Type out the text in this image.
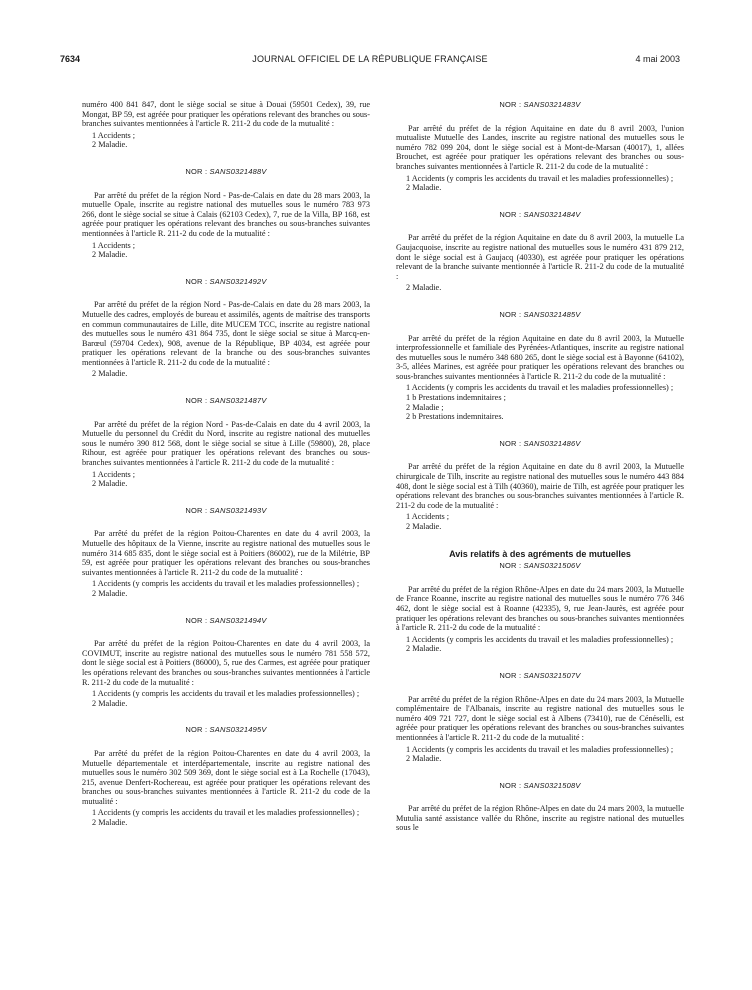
7634	JOURNAL OFFICIEL DE LA RÉPUBLIQUE FRANÇAISE	4 mai 2003

numéro 400 841 847, dont le siège social se situe à Douai (59501 Cedex), 39, rue Mongat, BP 59, est agréée pour pratiquer les opérations relevant des branches ou sous-branches suivantes mentionnées à l'article R. 211-2 du code de la mutualité :

1 Accidents ;
2 Maladie.
NOR : SANS0321488V

Par arrêté du préfet de la région Nord - Pas-de-Calais en date du 28 mars 2003, la mutuelle Opale, inscrite au registre national des mutuelles sous le numéro 783 973 266, dont le siège social se situe à Calais (62103 Cedex), 7, rue de la Villa, BP 168, est agréée pour pratiquer les opérations relevant des branches ou sous-branches suivantes mentionnées à l'article R. 211-2 du code de la mutualité :

1 Accidents ;
2 Maladie.
NOR : SANS0321492V

Par arrêté du préfet de la région Nord - Pas-de-Calais en date du 28 mars 2003, la Mutuelle des cadres, employés de bureau et assimilés, agents de maîtrise des transports en commun communautaires de Lille, dite MUCEM TCC, inscrite au registre national des mutuelles sous le numéro 431 864 735, dont le siège social se situe à Marcq-en-Barœul (59704 Cedex), 908, avenue de la République, BP 4034, est agréée pour pratiquer les opérations relevant de la branche ou des sous-branches suivantes mentionnées à l'article R. 211-2 du code de la mutualité :

2 Maladie.
NOR : SANS0321487V

Par arrêté du préfet de la région Nord - Pas-de-Calais en date du 4 avril 2003, la Mutuelle du personnel du Crédit du Nord, inscrite au registre national des mutuelles sous le numéro 390 812 568, dont le siège social se situe à Lille (59800), 28, place Rihour, est agréée pour pratiquer les opérations relevant des branches ou sous-branches suivantes mentionnées à l'article R. 211-2 du code de la mutualité :

1 Accidents ;
2 Maladie.
NOR : SANS0321493V

Par arrêté du préfet de la région Poitou-Charentes en date du 4 avril 2003, la Mutuelle des hôpitaux de la Vienne, inscrite au registre national des mutuelles sous le numéro 314 685 835, dont le siège social est à Poitiers (86002), rue de la Milétrie, BP 59, est agréée pour pratiquer les opérations relevant des branches ou sous-branches suivantes mentionnées à l'article R. 211-2 du code de la mutualité :

1 Accidents (y compris les accidents du travail et les maladies professionnelles) ;
2 Maladie.
NOR : SANS0321494V

Par arrêté du préfet de la région Poitou-Charentes en date du 4 avril 2003, la COVIMUT, inscrite au registre national des mutuelles sous le numéro 781 558 572, dont le siège social est à Poitiers (86000), 5, rue des Carmes, est agréée pour pratiquer les opérations relevant des branches ou sous-branches suivantes mentionnées à l'article R. 211-2 du code de la mutualité :

1 Accidents (y compris les accidents du travail et les maladies professionnelles) ;
2 Maladie.
NOR : SANS0321495V

Par arrêté du préfet de la région Poitou-Charentes en date du 4 avril 2003, la Mutuelle départementale et interdépartementale, inscrite au registre national des mutuelles sous le numéro 302 509 369, dont le siège social est à La Rochelle (17043), 215, avenue Denfert-Rochereau, est agréée pour pratiquer les opérations relevant des branches ou sous-branches suivantes mentionnées à l'article R. 211-2 du code de la mutualité :

1 Accidents (y compris les accidents du travail et les maladies professionnelles) ;
2 Maladie.
NOR : SANS0321483V

Par arrêté du préfet de la région Aquitaine en date du 8 avril 2003, l'union mutualiste Mutuelle des Landes, inscrite au registre national des mutuelles sous le numéro 782 099 204, dont le siège social est à Mont-de-Marsan (40017), 1, allées Brouchet, est agréée pour pratiquer les opérations relevant des branches ou sous-branches suivantes mentionnées à l'article R. 211-2 du code de la mutualité :

1 Accidents (y compris les accidents du travail et les maladies professionnelles) ;
2 Maladie.
NOR : SANS0321484V

Par arrêté du préfet de la région Aquitaine en date du 8 avril 2003, la mutuelle La Gaujacquoise, inscrite au registre national des mutuelles sous le numéro 431 879 212, dont le siège social est à Gaujacq (40330), est agréée pour pratiquer les opérations relevant de la branche suivante mentionnée à l'article R. 211-2 du code de la mutualité :

2 Maladie.
NOR : SANS0321485V

Par arrêté du préfet de la région Aquitaine en date du 8 avril 2003, la Mutuelle interprofessionnelle et familiale des Pyrénées-Atlantiques, inscrite au registre national des mutuelles sous le numéro 348 680 265, dont le siège social est à Bayonne (64102), 3-5, allées Marines, est agréée pour pratiquer les opérations relevant des branches ou sous-branches suivantes mentionnées à l'article R. 211-2 du code de la mutualité :

1 Accidents (y compris les accidents du travail et les maladies professionnelles) ;
1 b Prestations indemnitaires ;
2 Maladie ;
2 b Prestations indemnitaires.
NOR : SANS0321486V

Par arrêté du préfet de la région Aquitaine en date du 8 avril 2003, la Mutuelle chirurgicale de Tilh, inscrite au registre national des mutuelles sous le numéro 443 884 408, dont le siège social est à Tilh (40360), mairie de Tilh, est agréée pour pratiquer les opérations relevant des branches ou sous-branches suivantes mentionnées à l'article R. 211-2 du code de la mutualité :

1 Accidents ;
2 Maladie.
Avis relatifs à des agréments de mutuelles
NOR : SANS0321506V

Par arrêté du préfet de la région Rhône-Alpes en date du 24 mars 2003, la Mutuelle de France Roanne, inscrite au registre national des mutuelles sous le numéro 776 346 462, dont le siège social est à Roanne (42335), 9, rue Jean-Jaurès, est agréée pour pratiquer les opérations relevant des branches ou sous-branches suivantes mentionnées à l'article R. 211-2 du code de la mutualité :

1 Accidents (y compris les accidents du travail et les maladies professionnelles) ;
2 Maladie.
NOR : SANS0321507V

Par arrêté du préfet de la région Rhône-Alpes en date du 24 mars 2003, la Mutuelle complémentaire de l'Albanais, inscrite au registre national des mutuelles sous le numéro 409 721 727, dont le siège social est à Albens (73410), rue de Cénéselli, est agréée pour pratiquer les opérations relevant des branches ou sous-branches suivantes mentionnées à l'article R. 211-2 du code de la mutualité :

1 Accidents (y compris les accidents du travail et les maladies professionnelles) ;
2 Maladie.
NOR : SANS0321508V

Par arrêté du préfet de la région Rhône-Alpes en date du 24 mars 2003, la mutuelle Mutulia santé assistance vallée du Rhône, inscrite au registre national des mutuelles sous le
